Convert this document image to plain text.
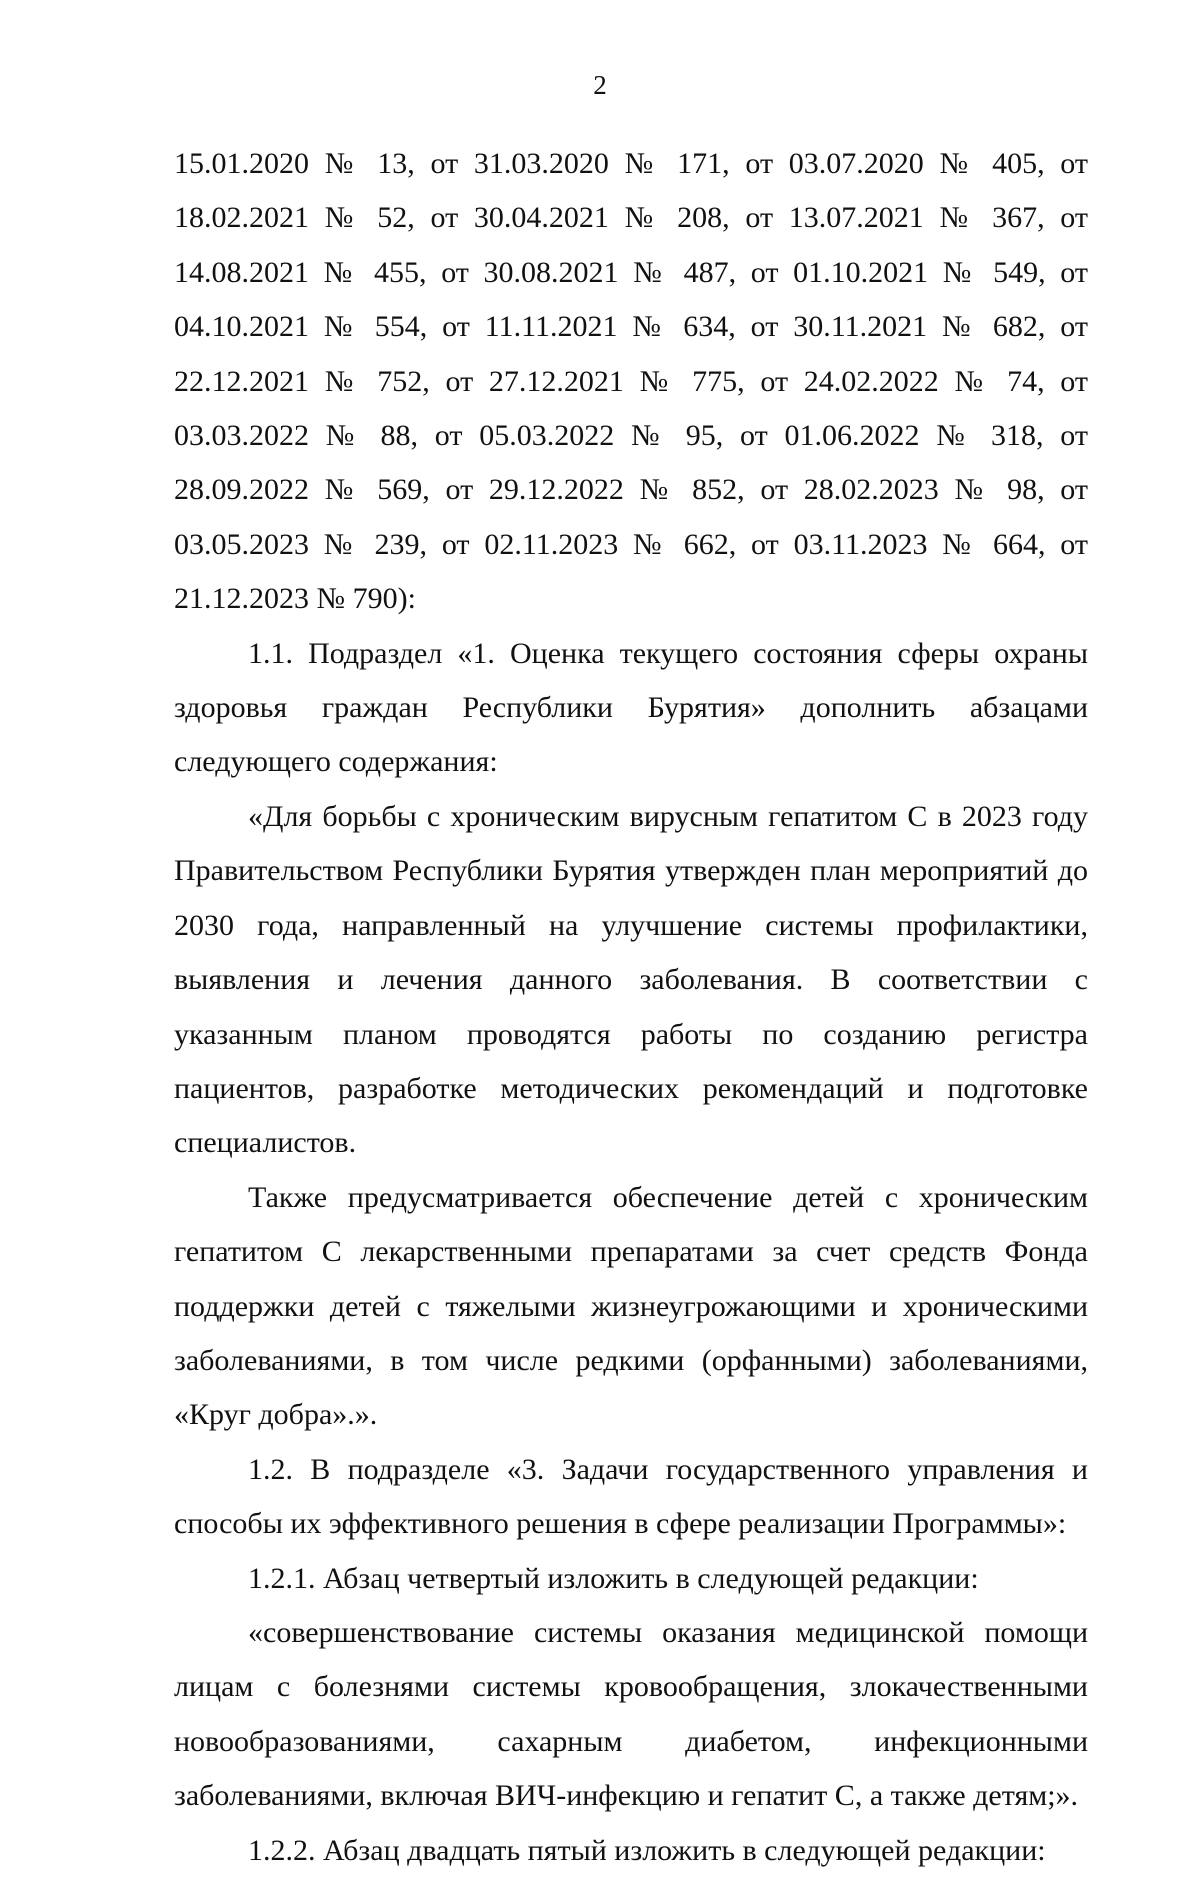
2

15.01.2020 № 13, от 31.03.2020 № 171, от 03.07.2020 № 405, от 18.02.2021 № 52, от 30.04.2021 № 208, от 13.07.2021 № 367, от 14.08.2021 № 455, от 30.08.2021 № 487, от 01.10.2021 № 549, от 04.10.2021 № 554, от 11.11.2021 № 634, от 30.11.2021 № 682, от 22.12.2021 № 752, от 27.12.2021 № 775, от 24.02.2022 № 74, от 03.03.2022 № 88, от 05.03.2022 № 95, от 01.06.2022 № 318, от 28.09.2022 № 569, от 29.12.2022 № 852, от 28.02.2023 № 98, от 03.05.2023 № 239, от 02.11.2023 № 662, от 03.11.2023 № 664, от 21.12.2023 № 790):

1.1. Подраздел «1. Оценка текущего состояния сферы охраны здоровья граждан Республики Бурятия» дополнить абзацами следующего содержания:

«Для борьбы с хроническим вирусным гепатитом С в 2023 году Правительством Республики Бурятия утвержден план мероприятий до 2030 года, направленный на улучшение системы профилактики, выявления и лечения данного заболевания. В соответствии с указанным планом проводятся работы по созданию регистра пациентов, разработке методических рекомендаций и подготовке специалистов.

Также предусматривается обеспечение детей с хроническим гепатитом С лекарственными препаратами за счет средств Фонда поддержки детей с тяжелыми жизнеугрожающими и хроническими заболеваниями, в том числе редкими (орфанными) заболеваниями, «Круг добра».».

1.2. В подразделе «3. Задачи государственного управления и способы их эффективного решения в сфере реализации Программы»:

1.2.1. Абзац четвертый изложить в следующей редакции:

«совершенствование системы оказания медицинской помощи лицам с болезнями системы кровообращения, злокачественными новообразованиями, сахарным диабетом, инфекционными заболеваниями, включая ВИЧ-инфекцию и гепатит С, а также детям;».

1.2.2. Абзац двадцать пятый изложить в следующей редакции:
